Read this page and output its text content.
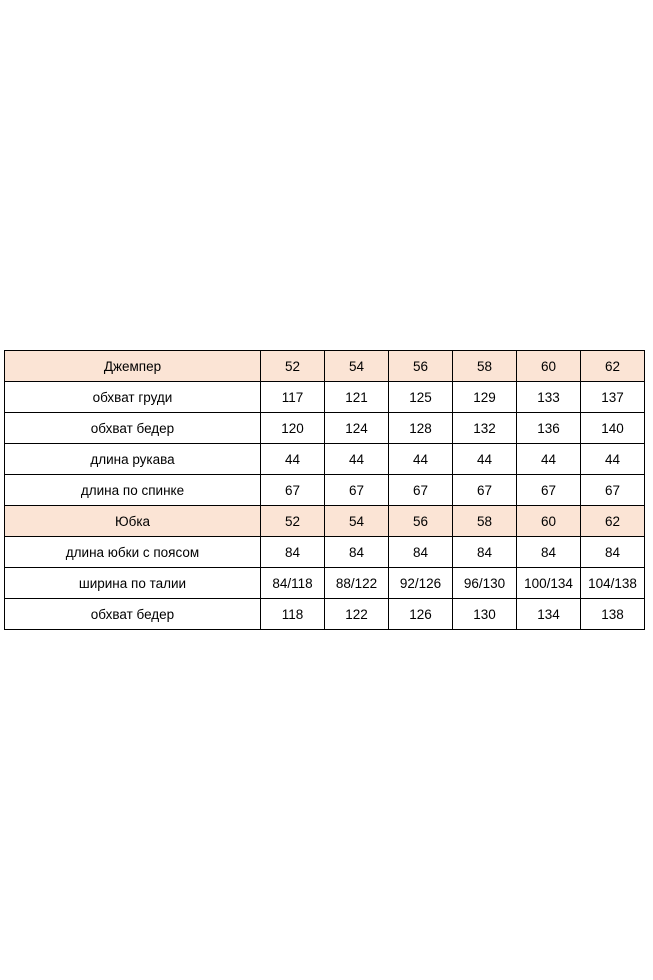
Джемпер	52	54	56	58	60	62
обхват груди	117	121	125	129	133	137
обхват бедер	120	124	128	132	136	140
длина рукава	44	44	44	44	44	44
длина по спинке	67	67	67	67	67	67
Юбка	52	54	56	58	60	62
длина юбки с поясом	84	84	84	84	84	84
ширина по талии	84/118	88/122	92/126	96/130	100/134	104/138
обхват бедер	118	122	126	130	134	138
